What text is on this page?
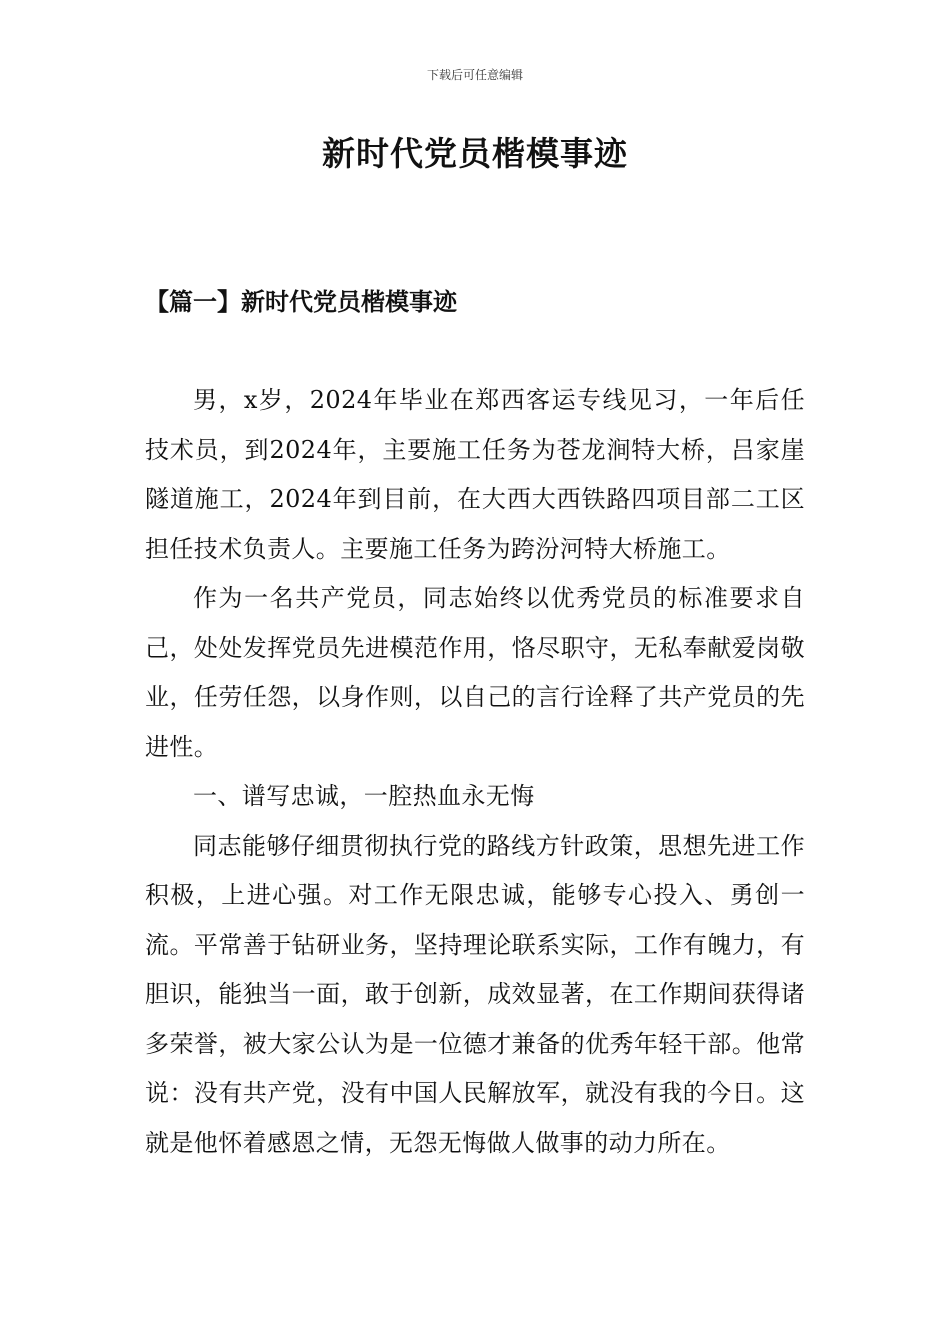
下载后可任意编辑
新时代党员楷模事迹
【篇一】新时代党员楷模事迹

男，x岁，2024年毕业在郑西客运专线见习，一年后任技术员，到2024年，主要施工任务为苍龙涧特大桥，吕家崖隧道施工，2024年到目前，在大西大西铁路四项目部二工区担任技术负责人。主要施工任务为跨汾河特大桥施工。

作为一名共产党员，同志始终以优秀党员的标准要求自己，处处发挥党员先进模范作用，恪尽职守，无私奉献爱岗敬业，任劳任怨，以身作则，以自己的言行诠释了共产党员的先进性。

一、谱写忠诚，一腔热血永无悔

同志能够仔细贯彻执行党的路线方针政策，思想先进工作积极，上进心强。对工作无限忠诚，能够专心投入、勇创一流。平常善于钻研业务，坚持理论联系实际，工作有魄力，有胆识，能独当一面，敢于创新，成效显著，在工作期间获得诸多荣誉，被大家公认为是一位德才兼备的优秀年轻干部。他常说：没有共产党，没有中国人民解放军，就没有我的今日。这就是他怀着感恩之情，无怨无悔做人做事的动力所在。
